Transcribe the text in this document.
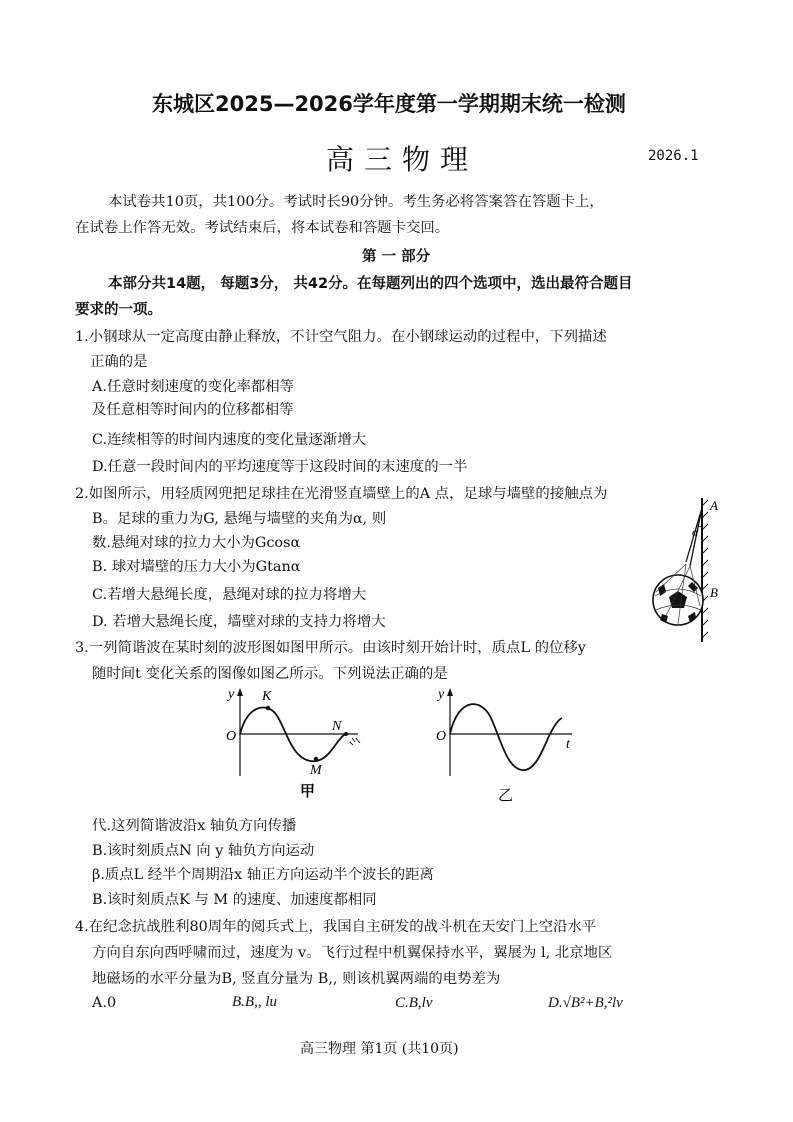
东城区2025—2026学年度第一学期期末统一检测
高三物理	2026.1
本试卷共10页，共100分。考试时长90分钟。考生务必将答案答在答题卡上，
在试卷上作答无效。考试结束后，将本试卷和答题卡交回。
第 一 部分
本部分共14题， 每题3分， 共42分。在每题列出的四个选项中，选出最符合题目
要求的一项。
1.小钢球从一定高度由静止释放，不计空气阻力。在小钢球运动的过程中，下列描述
正确的是
A.任意时刻速度的变化率都相等
及任意相等时间内的位移都相等
C.连续相等的时间内速度的变化量逐渐增大
D.任意一段时间内的平均速度等于这段时间的末速度的一半
2.如图所示，用轻质网兜把足球挂在光滑竖直墙壁上的A 点，足球与墙壁的接触点为
B。足球的重力为G, 悬绳与墙壁的夹角为α, 则
数.悬绳对球的拉力大小为Gcosα
B. 球对墙壁的压力大小为Gtanα
C.若增大悬绳长度，悬绳对球的拉力将增大
D. 若增大悬绳长度，墙壁对球的支持力将增大
A
α
B
3.一列简谐波在某时刻的波形图如图甲所示。由该时刻开始计时，质点L 的位移y
随时间t 变化关系的图像如图乙所示。下列说法正确的是
y
O
K
N
M
甲
y
O
t
乙
代.这列简谐波沿x 轴负方向传播
B.该时刻质点N 向 y 轴负方向运动
β.质点L 经半个周期沿x 轴正方向运动半个波长的距离
B.该时刻质点K 与 M 的速度、加速度都相同
4.在纪念抗战胜利80周年的阅兵式上，我国自主研发的战斗机在天安门上空沿水平
方向自东向西呼啸而过，速度为 v。飞行过程中机翼保持水平，翼展为 l, 北京地区
地磁场的水平分量为B, 竖直分量为 B,, 则该机翼两端的电势差为
A.0	B.B,, lu	C.B,lv	D.√B²+B,²lv
高三物理 第1页 (共10页)
